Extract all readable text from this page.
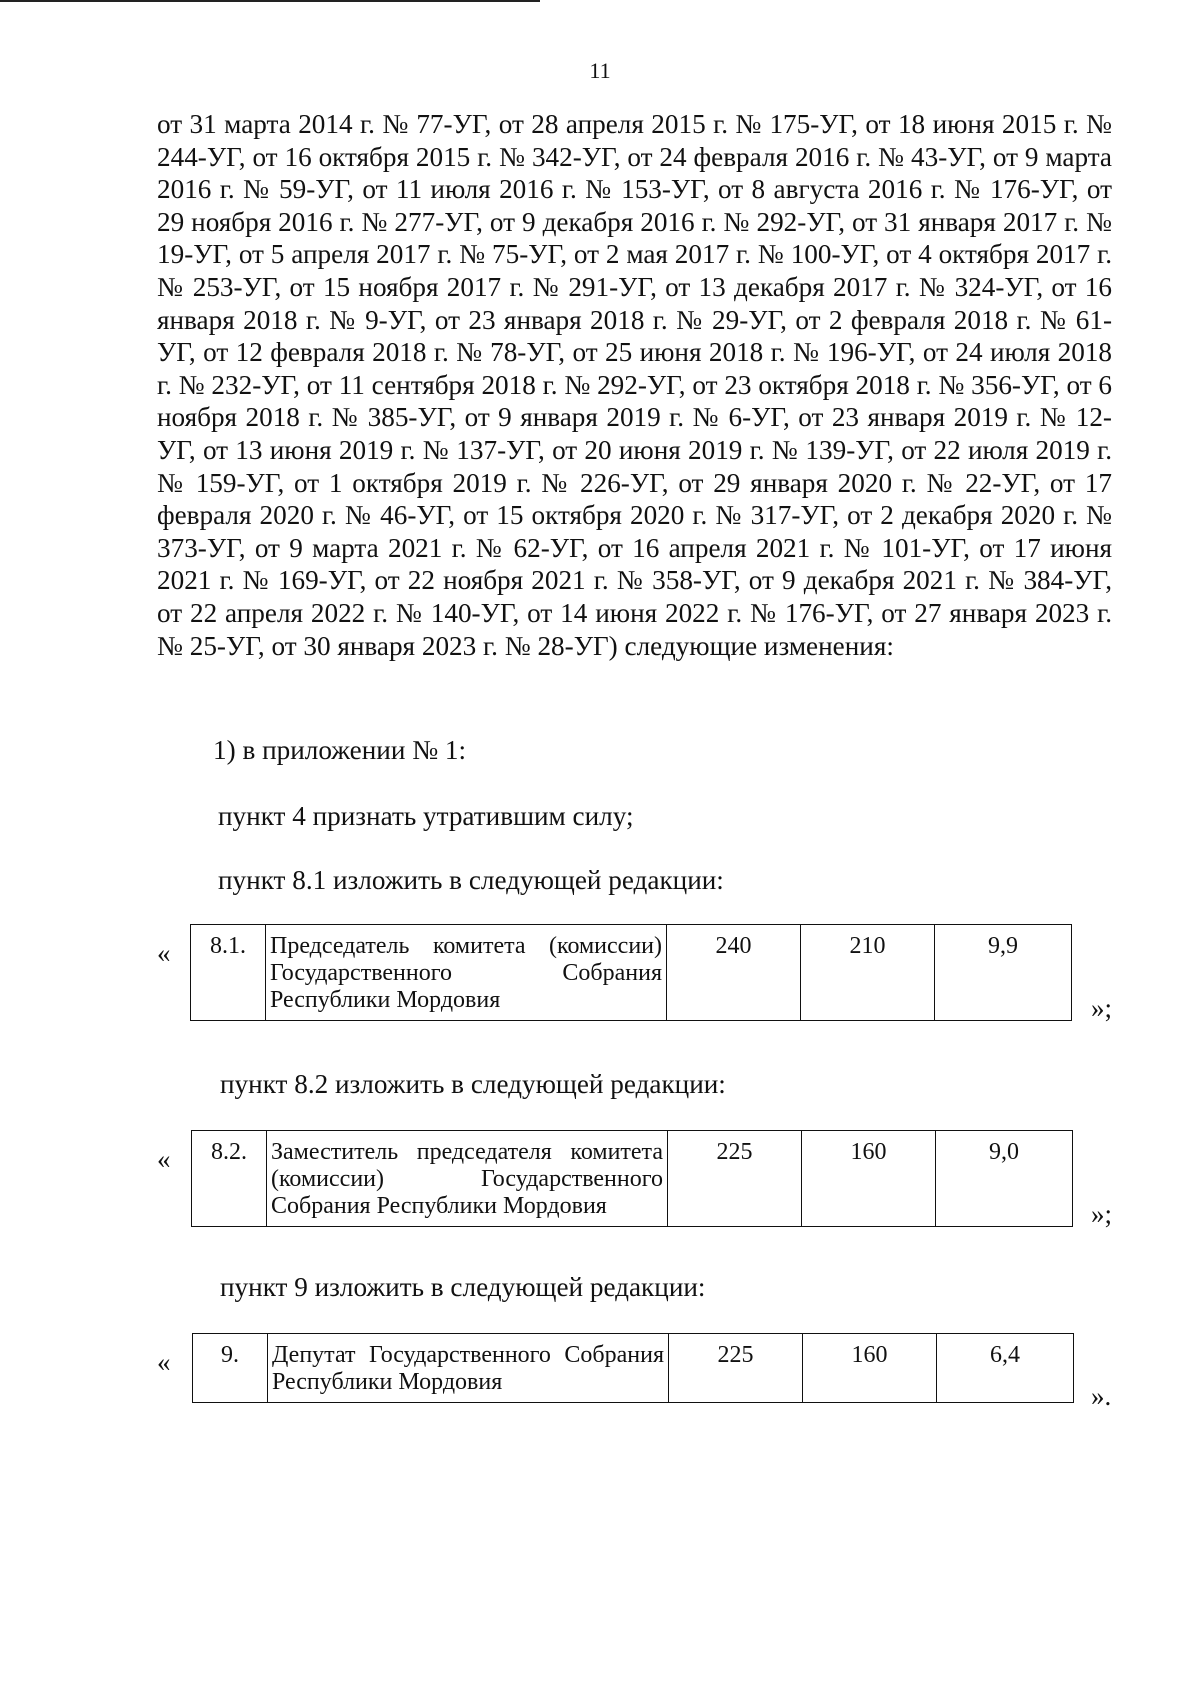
11
от 31 марта 2014 г. № 77-УГ, от 28 апреля 2015 г. № 175-УГ, от 18 июня 2015 г. № 244-УГ, от 16 октября 2015 г. № 342-УГ, от 24 февраля 2016 г. № 43-УГ, от 9 марта 2016 г. № 59-УГ, от 11 июля 2016 г. № 153-УГ, от 8 августа 2016 г. № 176-УГ, от 29 ноября 2016 г. № 277-УГ, от 9 декабря 2016 г. № 292-УГ, от 31 января 2017 г. № 19-УГ, от 5 апреля 2017 г. № 75-УГ, от 2 мая 2017 г. № 100-УГ, от 4 октября 2017 г. № 253-УГ, от 15 ноября 2017 г. № 291-УГ, от 13 декабря 2017 г. № 324-УГ, от 16 января 2018 г. № 9-УГ, от 23 января 2018 г. № 29-УГ, от 2 февраля 2018 г. № 61-УГ, от 12 февраля 2018 г. № 78-УГ, от 25 июня 2018 г. № 196-УГ, от 24 июля 2018 г. № 232-УГ, от 11 сентября 2018 г. № 292-УГ, от 23 октября 2018 г. № 356-УГ, от 6 ноября 2018 г. № 385-УГ, от 9 января 2019 г. № 6-УГ, от 23 января 2019 г. № 12-УГ, от 13 июня 2019 г. № 137-УГ, от 20 июня 2019 г. № 139-УГ, от 22 июля 2019 г. № 159-УГ, от 1 октября 2019 г. № 226-УГ, от 29 января 2020 г. № 22-УГ, от 17 февраля 2020 г. № 46-УГ, от 15 октября 2020 г. № 317-УГ, от 2 декабря 2020 г. № 373-УГ, от 9 марта 2021 г. № 62-УГ, от 16 апреля 2021 г. № 101-УГ, от 17 июня 2021 г. № 169-УГ, от 22 ноября 2021 г. № 358-УГ, от 9 декабря 2021 г. № 384-УГ, от 22 апреля 2022 г. № 140-УГ, от 14 июня 2022 г. № 176-УГ, от 27 января 2023 г. № 25-УГ, от 30 января 2023 г. № 28-УГ) следующие изменения:
1) в приложении № 1:
пункт 4 признать утратившим силу;
пункт 8.1 изложить в следующей редакции:
« 8.1.	Председатель комитета (комиссии) Государственного Собрания Республики Мордовия	240	210	9,9
»;
пункт 8.2 изложить в следующей редакции:
« 8.2.	Заместитель председателя комитета (комиссии) Государственного Собрания Республики Мордовия	225	160	9,0
»;
пункт 9 изложить в следующей редакции:
« 9.	Депутат Государственного Собрания Республики Мордовия	225	160	6,4
».
